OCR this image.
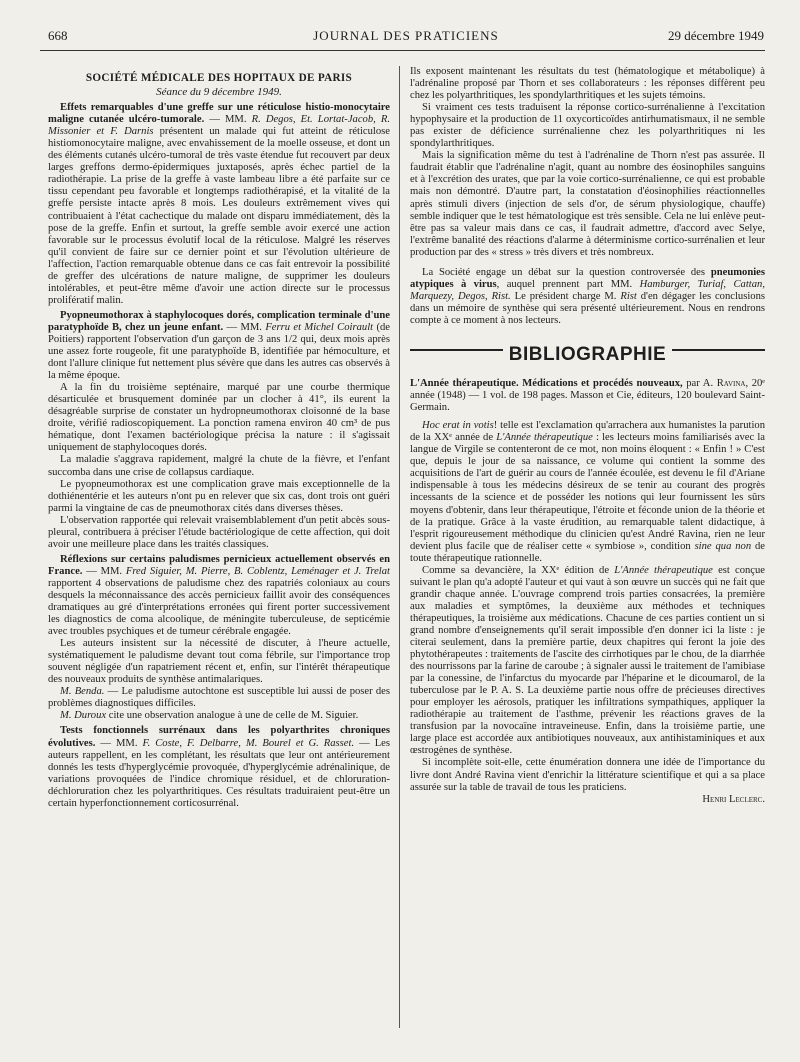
668	JOURNAL DES PRATICIENS	29 décembre 1949

SOCIÉTÉ MÉDICALE DES HOPITAUX DE PARIS

Séance du 9 décembre 1949.

Effets remarquables d'une greffe sur une réticulose histio-monocytaire maligne cutanée ulcéro-tumorale. — MM. R. Degos, Et. Lortat-Jacob, R. Missonier et F. Darnis présentent un malade qui fut atteint de réticulose histiomonocytaire maligne, avec envahissement de la moelle osseuse, et dont un des éléments cutanés ulcéro-tumoral de très vaste étendue fut recouvert par deux larges greffons dermo-épidermiques juxtaposés, après échec partiel de la radiothérapie. La prise de la greffe à vaste lambeau libre a été parfaite sur ce tissu cependant peu favorable et longtemps radiothérapisé, et la vitalité de la greffe persiste intacte après 8 mois. Les douleurs extrêmement vives qui contribuaient à l'état cachectique du malade ont disparu immédiatement, dès la pose de la greffe. Enfin et surtout, la greffe semble avoir exercé une action favorable sur le processus évolutif local de la réticulose. Malgré les réserves qu'il convient de faire sur ce dernier point et sur l'évolution ultérieure de l'affection, l'action remarquable obtenue dans ce cas fait entrevoir la possibilité de greffer des ulcérations de nature maligne, de supprimer les douleurs intolérables, et peut-être même d'avoir une action directe sur le processus prolifératif malin.

Pyopneumothorax à staphylocoques dorés, complication terminale d'une paratyphoïde B, chez un jeune enfant. — MM. Ferru et Michel Coirault (de Poitiers) rapportent l'observation d'un garçon de 3 ans 1/2 qui, deux mois après une assez forte rougeole, fit une paratyphoïde B, identifiée par hémoculture, et dont l'allure clinique fut nettement plus sévère que dans les autres cas observés à la même époque.

A la fin du troisième septénaire, marqué par une courbe thermique désarticulée et brusquement dominée par un clocher à 41°, ils eurent la désagréable surprise de constater un hydropneumothorax cloisonné de la base droite, vérifié radioscopiquement. La ponction ramena environ 40 cm³ de pus hématique, dont l'examen bactériologique précisa la nature : il s'agissait uniquement de staphylocoques dorés.

La maladie s'aggrava rapidement, malgré la chute de la fièvre, et l'enfant succomba dans une crise de collapsus cardiaque.

Le pyopneumothorax est une complication grave mais exceptionnelle de la dothiénentérie et les auteurs n'ont pu en relever que six cas, dont trois ont guéri parmi la vingtaine de cas de pneumothorax cités dans diverses thèses.

L'observation rapportée qui relevait vraisemblablement d'un petit abcès sous-pleural, contribuera à préciser l'étude bactériologique de cette affection, qui doit avoir une meilleure place dans les traités classiques.

Réflexions sur certains paludismes pernicieux actuellement observés en France. — MM. Fred Siguier, M. Pierre, B. Coblentz, Leménager et J. Trelat rapportent 4 observations de paludisme chez des rapatriés coloniaux au cours desquels la méconnaissance des accès pernicieux faillit avoir des conséquences dramatiques au gré d'interprétations erronées qui firent porter successivement les diagnostics de coma alcoolique, de méningite tuberculeuse, de septicémie avec troubles psychiques et de tumeur cérébrale engagée.

Les auteurs insistent sur la nécessité de discuter, à l'heure actuelle, systématiquement le paludisme devant tout coma fébrile, sur l'importance trop souvent négligée d'un rapatriement récent et, enfin, sur l'intérêt thérapeutique des nouveaux produits de synthèse antimalariques.

M. Benda. — Le paludisme autochtone est susceptible lui aussi de poser des problèmes diagnostiques difficiles.

M. Duroux cite une observation analogue à une de celle de M. Siguier.

Tests fonctionnels surrénaux dans les polyarthrites chroniques évolutives. — MM. F. Coste, F. Delbarre, M. Bourel et G. Rasset. — Les auteurs rappellent, en les complétant, les résultats que leur ont antérieurement donnés les tests d'hyperglycémie provoquée, d'hyperglycémie adrénalinique, de variations provoquées de l'indice chromique résiduel, et de chloruration-déchloruration chez les polyarthritiques. Ces résultats traduiraient peut-être un certain hyperfonctionnement corticosurrénal.

Ils exposent maintenant les résultats du test (hématologique et métabolique) à l'adrénaline proposé par Thorn et ses collaborateurs : les réponses diffèrent peu chez les polyarthritiques, les spondylarthritiques et les sujets témoins.

Si vraiment ces tests traduisent la réponse cortico-surrénalienne à l'excitation hypophysaire et la production de 11 oxycorticoïdes antirhumatismaux, il ne semble pas exister de déficience surrénalienne chez les polyarthritiques ni les spondylarthritiques.

Mais la signification même du test à l'adrénaline de Thorn n'est pas assurée. Il faudrait établir que l'adrénaline n'agit, quant au nombre des éosinophiles sanguins et à l'excrétion des urates, que par la voie cortico-surrénalienne, ce qui est probable mais non démontré. D'autre part, la constatation d'éosinophilies réactionnelles après stimuli divers (injection de sels d'or, de sérum physiologique, chauffe) semble indiquer que le test hématologique est très sensible. Cela ne lui enlève peut-être pas sa valeur mais dans ce cas, il faudrait admettre, d'accord avec Selye, l'extrême banalité des réactions d'alarme à déterminisme cortico-surrénalien et leur production par des « stress » très divers et très nombreux.

La Société engage un débat sur la question controversée des pneumonies atypiques à virus, auquel prennent part MM. Hamburger, Turiaf, Cattan, Marquezy, Degos, Rist. Le président charge M. Rist d'en dégager les conclusions dans un mémoire de synthèse qui sera présenté ultérieurement. Nous en rendrons compte à ce moment à nos lecteurs.

BIBLIOGRAPHIE

L'Année thérapeutique. Médications et procédés nouveaux, par A. Ravina, 20ᵉ année (1948) — 1 vol. de 198 pages. Masson et Cie, éditeurs, 120 boulevard Saint-Germain.

Hoc erat in votis! telle est l'exclamation qu'arrachera aux humanistes la parution de la XXᵉ année de L'Année thérapeutique : les lecteurs moins familiarisés avec la langue de Virgile se contenteront de ce mot, non moins éloquent : « Enfin ! » C'est que, depuis le jour de sa naissance, ce volume qui contient la somme des acquisitions de l'art de guérir au cours de l'année écoulée, est devenu le fil d'Ariane indispensable à tous les médecins désireux de se tenir au courant des progrès incessants de la science et de posséder les notions qui leur fournissent les sûrs moyens d'obtenir, dans leur thérapeutique, l'étroite et féconde union de la théorie et de la pratique. Grâce à la vaste érudition, au remarquable talent didactique, à l'esprit rigoureusement méthodique du clinicien qu'est André Ravina, rien ne leur devient plus facile que de réaliser cette « symbiose », condition sine qua non de toute thérapeutique rationnelle.

Comme sa devancière, la XXᵉ édition de L'Année thérapeutique est conçue suivant le plan qu'a adopté l'auteur et qui vaut à son œuvre un succès qui ne fait que grandir chaque année. L'ouvrage comprend trois parties consacrées, la première aux maladies et symptômes, la deuxième aux méthodes et techniques thérapeutiques, la troisième aux médications. Chacune de ces parties contient un si grand nombre d'enseignements qu'il serait impossible d'en donner ici la liste : je citerai seulement, dans la première partie, deux chapitres qui feront la joie des phytothérapeutes : traitements de l'ascite des cirrhotiques par le chou, de la diarrhée des nourrissons par la farine de caroube ; à signaler aussi le traitement de l'amibiase par la conessine, de l'infarctus du myocarde par l'héparine et le dicoumarol, de la tuberculose par le P. A. S. La deuxième partie nous offre de précieuses directives pour employer les aérosols, pratiquer les infiltrations sympathiques, appliquer la radiothérapie au traitement de l'asthme, prévenir les réactions graves de la transfusion par la novocaïne intraveineuse. Enfin, dans la troisième partie, une large place est accordée aux antibiotiques nouveaux, aux antihistaminiques et aux œstrogènes de synthèse.

Si incomplète soit-elle, cette énumération donnera une idée de l'importance du livre dont André Ravina vient d'enrichir la littérature scientifique et qui a sa place assurée sur la table de travail de tous les praticiens.

Henri Leclerc.
